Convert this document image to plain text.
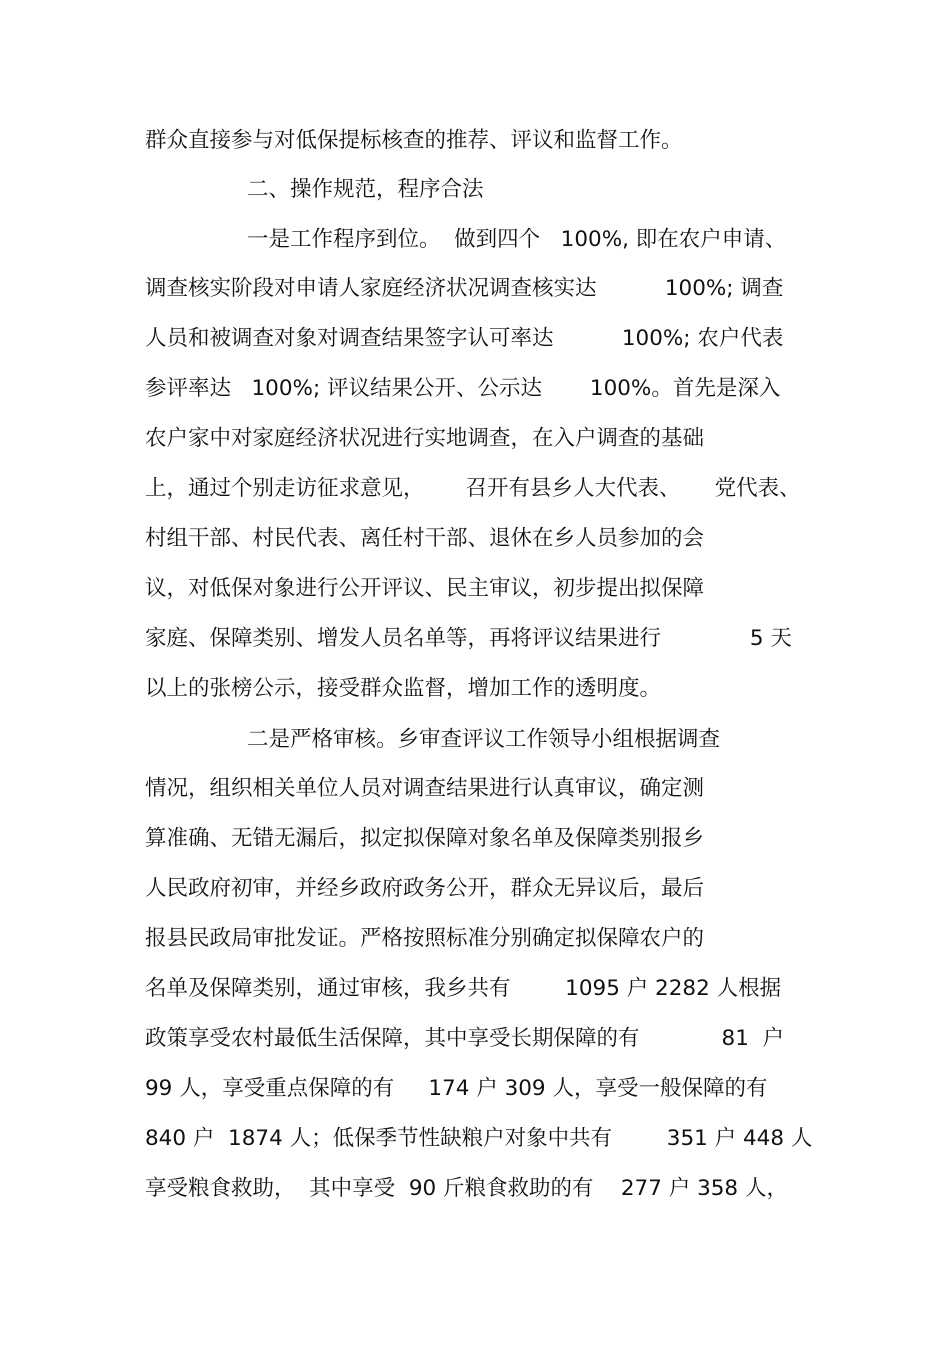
群众直接参与对低保提标核查的推荐、评议和监督工作。
二、操作规范，程序合法
一是工作程序到位。  做到四个   100%, 即在农户申请、
调查核实阶段对申请人家庭经济状况调查核实达          100%; 调查
人员和被调查对象对调查结果签字认可率达          100%; 农户代表
参评率达   100%; 评议结果公开、公示达       100%。首先是深入
农户家中对家庭经济状况进行实地调查，在入户调查的基础
上，通过个别走访征求意见，      召开有县乡人大代表、     党代表、
村组干部、村民代表、离任村干部、退休在乡人员参加的会
议，对低保对象进行公开评议、民主审议，初步提出拟保障
家庭、保障类别、增发人员名单等，再将评议结果进行             5 天
以上的张榜公示，接受群众监督，增加工作的透明度。
二是严格审核。乡审查评议工作领导小组根据调查
情况，组织相关单位人员对调查结果进行认真审议，确定测
算准确、无错无漏后，拟定拟保障对象名单及保障类别报乡
人民政府初审，并经乡政府政务公开，群众无异议后，最后
报县民政局审批发证。严格按照标准分别确定拟保障农户的
名单及保障类别，通过审核，我乡共有        1095 户 2282 人根据
政策享受农村最低生活保障，其中享受长期保障的有            81  户
99 人，享受重点保障的有     174 户 309 人，享受一般保障的有
840 户  1874 人；低保季节性缺粮户对象中共有        351 户 448 人
享受粮食救助，  其中享受  90 斤粮食救助的有    277 户 358 人，
